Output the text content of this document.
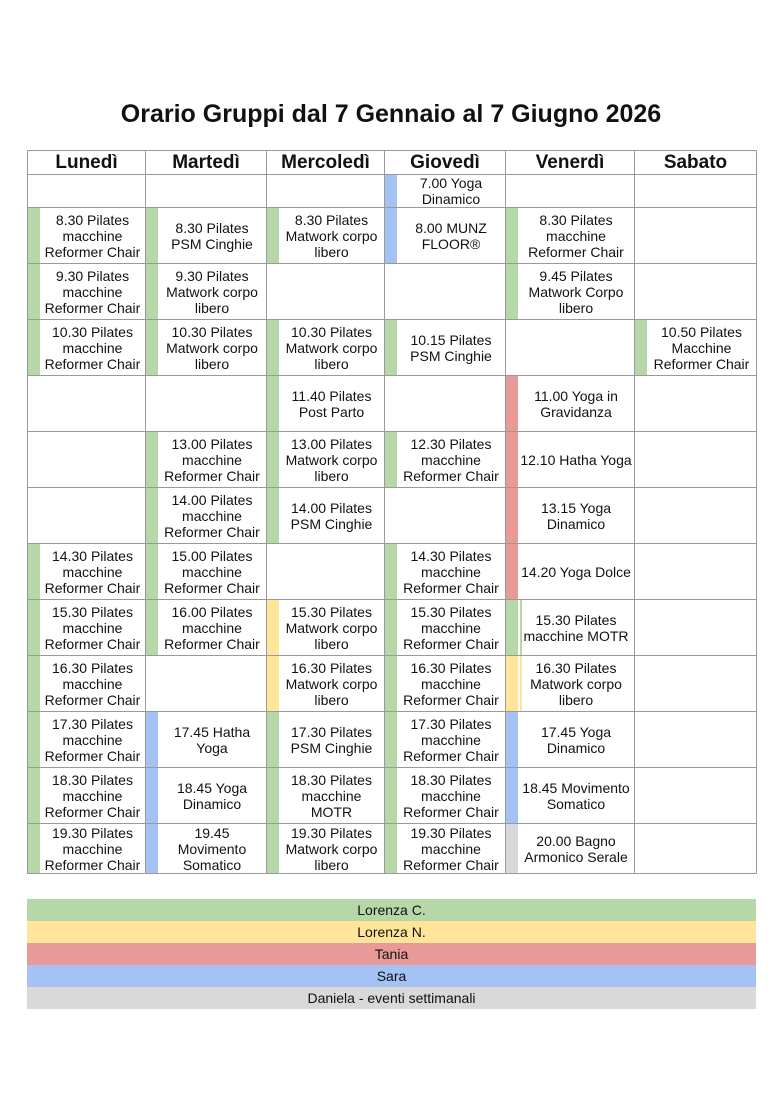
Orario Gruppi dal 7 Gennaio al 7 Giugno 2026
Lunedì	Martedì	Mercoledì	Giovedì	Venerdì	Sabato

			7.00 Yoga Dinamico		

8.30 Pilates macchine Reformer Chair	8.30 Pilates PSM Cinghie	8.30 Pilates Matwork corpo libero	8.00 MUNZ FLOOR®	8.30 Pilates macchine Reformer Chair	

9.30 Pilates macchine Reformer Chair	9.30 Pilates Matwork corpo libero			9.45 Pilates Matwork Corpo libero	

10.30 Pilates macchine Reformer Chair	10.30 Pilates Matwork corpo libero	10.30 Pilates Matwork corpo libero	10.15 Pilates PSM Cinghie		10.50 Pilates Macchine Reformer Chair

		11.40 Pilates Post Parto		11.00 Yoga in Gravidanza	

	13.00 Pilates macchine Reformer Chair	13.00 Pilates Matwork corpo libero	12.30 Pilates macchine Reformer Chair	12.10 Hatha Yoga	

	14.00 Pilates macchine Reformer Chair	14.00 Pilates PSM Cinghie		13.15 Yoga Dinamico	

14.30 Pilates macchine Reformer Chair	15.00 Pilates macchine Reformer Chair		14.30 Pilates macchine Reformer Chair	14.20 Yoga Dolce	

15.30 Pilates macchine Reformer Chair	16.00 Pilates macchine Reformer Chair	15.30 Pilates Matwork corpo libero	15.30 Pilates macchine Reformer Chair	15.30 Pilates macchine MOTR	

16.30 Pilates macchine Reformer Chair		16.30 Pilates Matwork corpo libero	16.30 Pilates macchine Reformer Chair	16.30 Pilates Matwork corpo libero	

17.30 Pilates macchine Reformer Chair	17.45 Hatha Yoga	17.30 Pilates PSM Cinghie	17.30 Pilates macchine Reformer Chair	17.45 Yoga Dinamico	

18.30 Pilates macchine Reformer Chair	18.45 Yoga Dinamico	18.30 Pilates macchine MOTR	18.30 Pilates macchine Reformer Chair	18.45 Movimento Somatico	

19.30 Pilates macchine Reformer Chair	19.45 Movimento Somatico	19.30 Pilates Matwork corpo libero	19.30 Pilates macchine Reformer Chair	20.00 Bagno Armonico Serale	

Lorenza C.
Lorenza N.
Tania
Sara
Daniela - eventi settimanali
